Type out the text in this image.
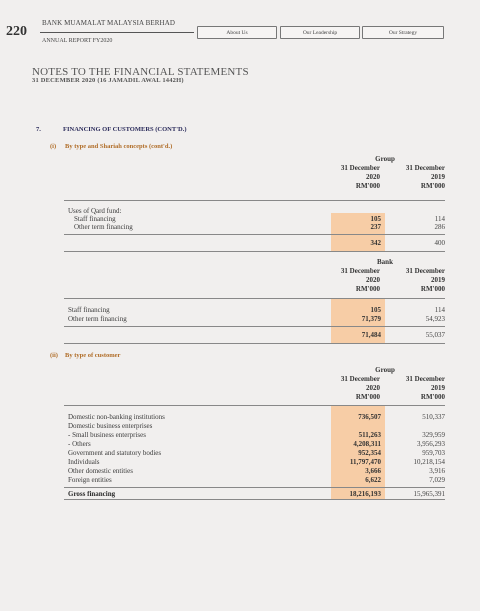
220
BANK MUAMALAT MALAYSIA BERHAD
ANNUAL REPORT FY2020
About Us	Our Leadership	Our Strategy
NOTES TO THE FINANCIAL STATEMENTS
31 DECEMBER 2020 (16 JAMADIL AWAL 1442H)
7.	FINANCING OF CUSTOMERS (CONT'D.)
(i) By type and Shariah concepts (cont'd.)
Group
31 December
2020
RM'000
31 December
2019
RM'000
Uses of Qard fund:
Staff financing	105	114
Other term financing	237	286
342	400
Bank
31 December
2020
RM'000
31 December
2019
RM'000
Staff financing	105	114
Other term financing	71,379	54,923
71,484	55,037
(ii) By type of customer
Group
31 December
2020
RM'000
31 December
2019
RM'000
Domestic non-banking institutions	736,507	510,337
Domestic business enterprises
- Small business enterprises	511,263	329,959
- Others	4,208,311	3,956,293
Government and statutory bodies	952,354	959,703
Individuals	11,797,470	10,218,154
Other domestic entities	3,666	3,916
Foreign entities	6,622	7,029
Gross financing	18,216,193	15,965,391
